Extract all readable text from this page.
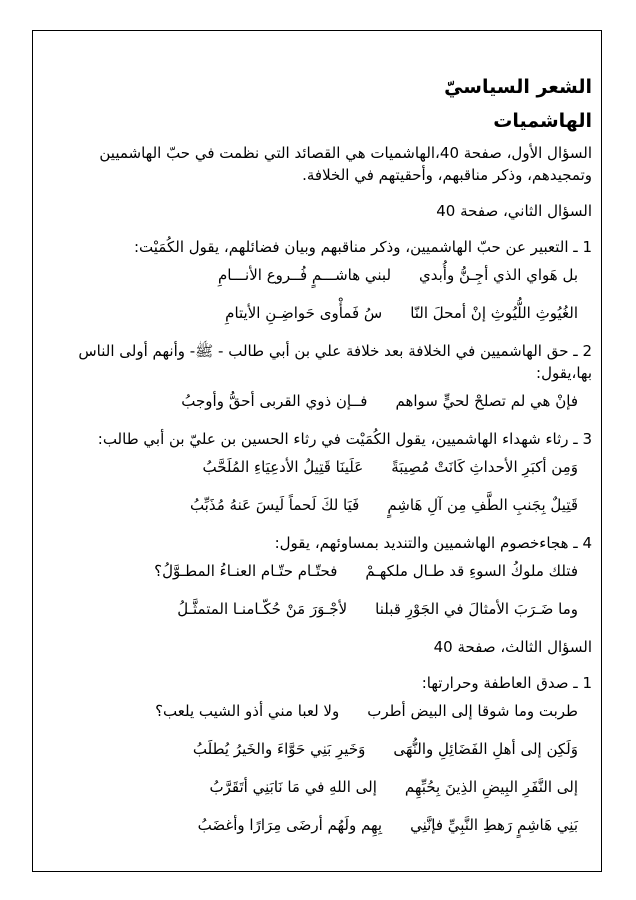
الشعر السياسيّ
الهاشميات

السؤال الأول، صفحة 40،الهاشميات هي القصائد التي نظمت في حبّ الهاشميين وتمجيدهم، وذكر مناقبهم، وأحقيتهم في الخلافة.

السؤال الثاني، صفحة 40

1 ـ التعبير عن حبّ الهاشميين، وذكر مناقبهم وبيان فضائلهم، يقول الكُمَيْت:

بل هَواي الذي أجِـنُّ وأُبدي
لبني هاشـــمٍ فُــروع الأنـــامِ
الغُيُوثِ اللُّيُوثِ إنْ أمحلَ النّا
سُ فَمأْوى حَواضِـنِ الأيتامِ

2 ـ حق الهاشميين في الخلافة بعد خلافة علي بن أبي طالب - ﷺ- وأنهم أولى الناس بها،يقول:

فإنْ هي لم تصلحْ لحيٍّ سواهم
فــإن ذوي القربى أحقُّ وأوجبُ

3 ـ رثاء شهداء الهاشميين، يقول الكُمَيْت في رثاء الحسين بن عليّ بن أبي طالب:

وَمِن أكبَرِ الأحداثِ كَانَتْ مُصِيبَةً
عَلَينَا قَتِيلُ الأدعِيَاءِ المُلَحَّبُ
قَتِيلٌ بِجَنبِ الطَّفِ مِن آلِ هَاشِمٍ
فَيَا لكَ لَحماً لَيسَ عَنهُ مُذَبِّبُ

4 ـ هجاءخصوم الهاشميين والتنديد بمساوئهم، يقول:

فتلك ملوكُ السوءِ قد طـال ملكهـمْ
فحتّـام حتّـام العنـاءُ المطـوَّلُ؟
وما ضَـرَبَ الأمثالَ في الجَوْرِ قبلنا
لأجْـوَرَ مَنْ حُكّـامنـا المتمثَّـلُ

السؤال الثالث، صفحة 40

1 ـ صدق العاطفة وحرارتها:

طربت وما شوقا إلى البيض أطرب
ولا لعبا مني أذو الشيب يلعب؟
وَلَكِن إلى أهلِ الفَضَائِلِ والنُّهَى
وَخَيرِ بَنِي حَوَّاءَ والخَيرُ يُطلَبُ
إلى النَّفَرِ البِيضِ الذِينَ بِحُبِّهِم
إلى اللهِ في مَا نَابَنِي أتَقَرَّبُ
بَنِي هَاشِمٍ رَهطِ النَّبِيِّ فإنَّنِي
بِهِم ولَهُم أرضَى مِرَارًا وأغضَبُ
